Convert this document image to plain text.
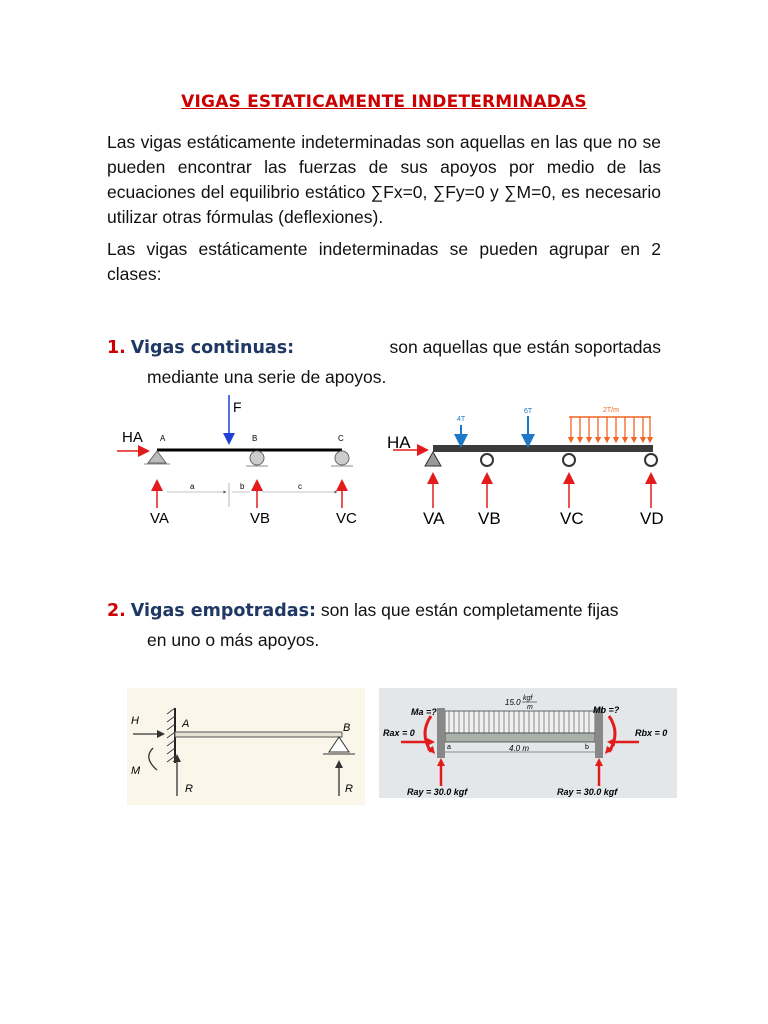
VIGAS ESTATICAMENTE INDETERMINADAS
Las vigas estáticamente indeterminadas son aquellas en las que no se pueden encontrar las fuerzas de sus apoyos por medio de las ecuaciones del equilibrio estático ∑Fx=0, ∑Fy=0 y ∑M=0, es necesario utilizar otras fórmulas (deflexiones).
Las vigas estáticamente indeterminadas se pueden agrupar en 2 clases:
1. Vigas continuas:	son aquellas que están soportadas
mediante una serie de apoyos.
HA A	B	C
F
a	b	c
VA	VB	VC
HA
4T
6T	2T/m
VA VB	VC	VD
2. Vigas empotradas: son las que están completamente fijas
en uno o más apoyos.
A	B
H
M
R	R
15.0 kgf
m
Ma =?	Mb =?
Rax = 0	Rbx = 0
a	b
4.0 m
Ray = 30.0 kgf	Ray = 30.0 kgf
